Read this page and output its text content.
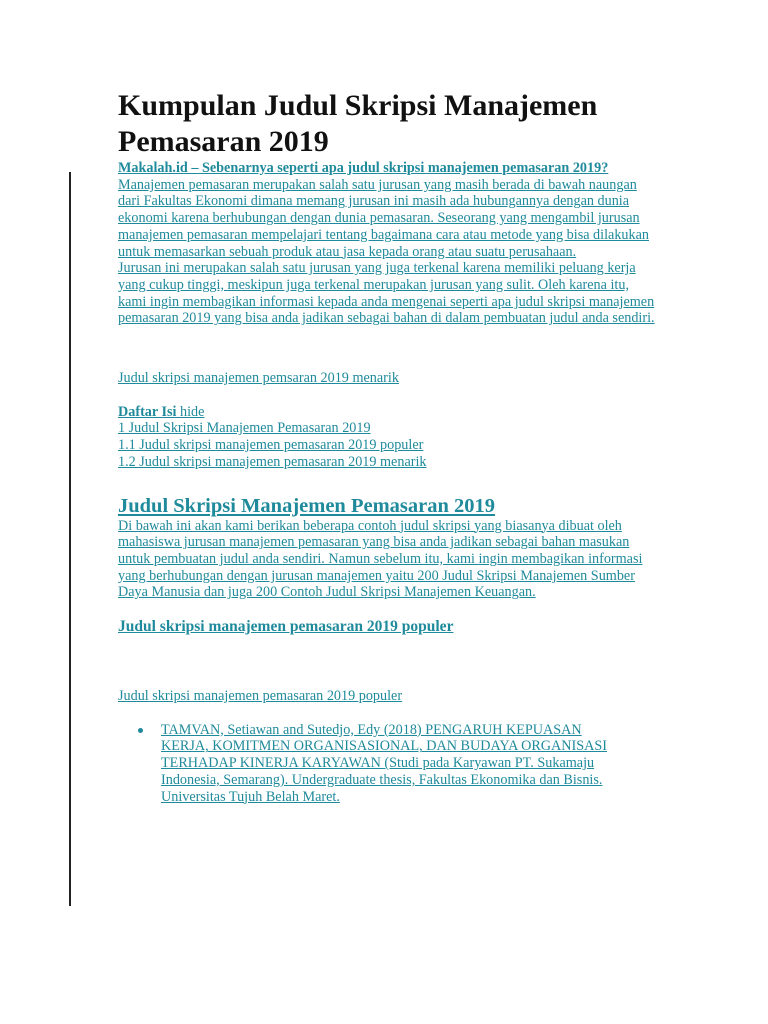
Kumpulan Judul Skripsi Manajemen Pemasaran 2019

Makalah.id – Sebenarnya seperti apa judul skripsi manajemen pemasaran 2019? Manajemen pemasaran merupakan salah satu jurusan yang masih berada di bawah naungan dari Fakultas Ekonomi dimana memang jurusan ini masih ada hubungannya dengan dunia ekonomi karena berhubungan dengan dunia pemasaran. Seseorang yang mengambil jurusan manajemen pemasaran mempelajari tentang bagaimana cara atau metode yang bisa dilakukan untuk memasarkan sebuah produk atau jasa kepada orang atau suatu perusahaan.

Jurusan ini merupakan salah satu jurusan yang juga terkenal karena memiliki peluang kerja yang cukup tinggi, meskipun juga terkenal merupakan jurusan yang sulit. Oleh karena itu, kami ingin membagikan informasi kepada anda mengenai seperti apa judul skripsi manajemen pemasaran 2019 yang bisa anda jadikan sebagai bahan di dalam pembuatan judul anda sendiri.

Judul skripsi manajemen pemsaran 2019 menarik
Daftar Isi hide
1 Judul Skripsi Manajemen Pemasaran 2019
1.1 Judul skripsi manajemen pemasaran 2019 populer
1.2 Judul skripsi manajemen pemasaran 2019 menarik
Judul Skripsi Manajemen Pemasaran 2019

Di bawah ini akan kami berikan beberapa contoh judul skripsi yang biasanya dibuat oleh mahasiswa jurusan manajemen pemasaran yang bisa anda jadikan sebagai bahan masukan untuk pembuatan judul anda sendiri. Namun sebelum itu, kami ingin membagikan informasi yang berhubungan dengan jurusan manajemen yaitu 200 Judul Skripsi Manajemen Sumber Daya Manusia dan juga 200 Contoh Judul Skripsi Manajemen Keuangan.

Judul skripsi manajemen pemasaran 2019 populer
Judul skripsi manajemen pemasaran 2019 populer
TAMVAN, Setiawan and Sutedjo, Edy (2018) PENGARUH KEPUASAN KERJA, KOMITMEN ORGANISASIONAL, DAN BUDAYA ORGANISASI TERHADAP KINERJA KARYAWAN (Studi pada Karyawan PT. Sukamaju Indonesia, Semarang). Undergraduate thesis, Fakultas Ekonomika dan Bisnis. Universitas Tujuh Belah Maret.
